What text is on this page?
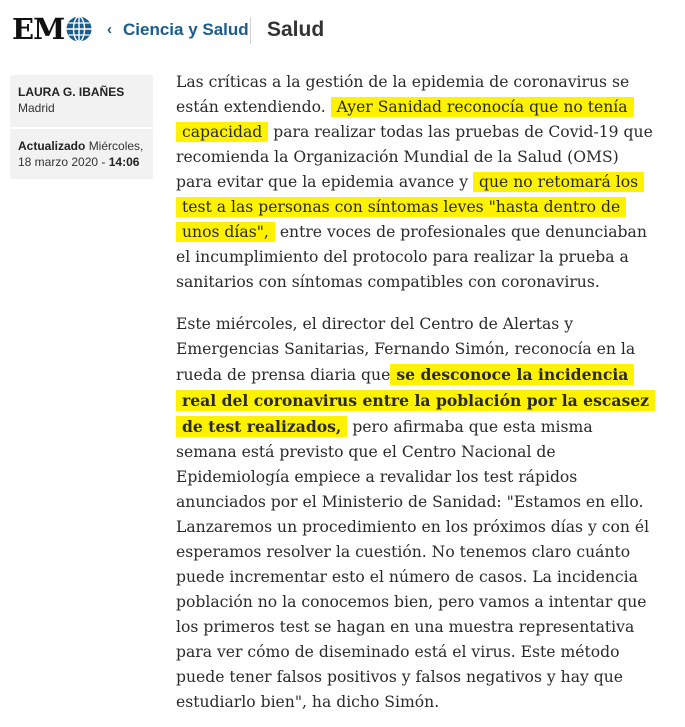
EM	‹ Ciencia y Salud Salud
LAURA G. IBAÑES
Madrid
Actualizado Miércoles, 18 marzo 2020 - 14:06

Las críticas a la gestión de la epidemia de coronavirus se están extendiendo. Ayer Sanidad reconocía que no tenía capacidad para realizar todas las pruebas de Covid-19 que recomienda la Organización Mundial de la Salud (OMS) para evitar que la epidemia avance y que no retomará los test a las personas con síntomas leves "hasta dentro de unos días", entre voces de profesionales que denunciaban el incumplimiento del protocolo para realizar la prueba a sanitarios con síntomas compatibles con coronavirus.

Este miércoles, el director del Centro de Alertas y Emergencias Sanitarias, Fernando Simón, reconocía en la rueda de prensa diaria que se desconoce la incidencia real del coronavirus entre la población por la escasez de test realizados, pero afirmaba que esta misma semana está previsto que el Centro Nacional de Epidemiología empiece a revalidar los test rápidos anunciados por el Ministerio de Sanidad: "Estamos en ello. Lanzaremos un procedimiento en los próximos días y con él esperamos resolver la cuestión. No tenemos claro cuánto puede incrementar esto el número de casos. La incidencia población no la conocemos bien, pero vamos a intentar que los primeros test se hagan en una muestra representativa para ver cómo de diseminado está el virus. Este método puede tener falsos positivos y falsos negativos y hay que estudiarlo bien", ha dicho Simón.
